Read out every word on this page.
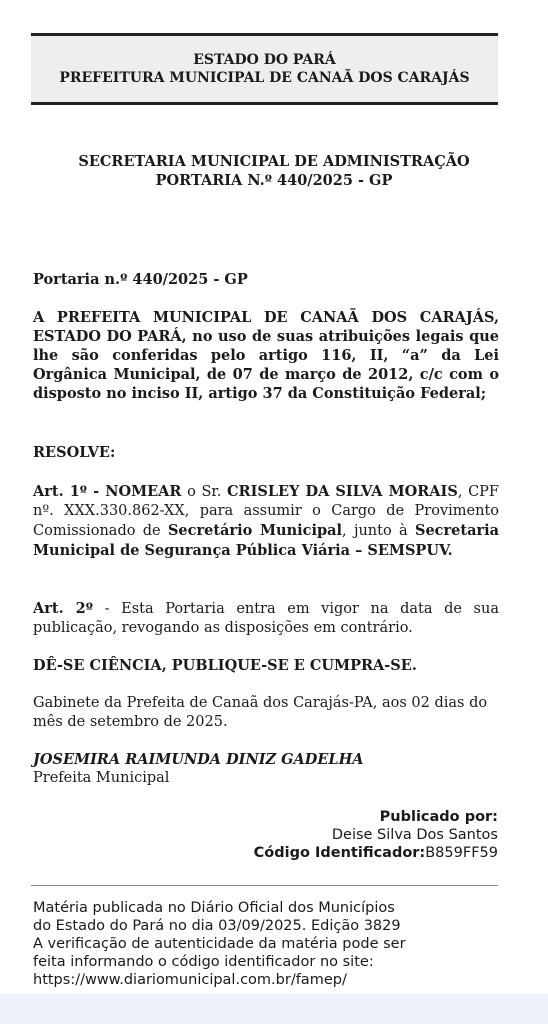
ESTADO DO PARÁ
PREFEITURA MUNICIPAL DE CANAÃ DOS CARAJÁS
SECRETARIA MUNICIPAL DE ADMINISTRAÇÃO
PORTARIA N.º 440/2025 - GP
Portaria n.º 440/2025 - GP
A PREFEITA MUNICIPAL DE CANAÃ DOS CARAJÁS, ESTADO DO PARÁ, no uso de suas atribuições legais que lhe são conferidas pelo artigo 116, II, “a” da Lei Orgânica Municipal, de 07 de março de 2012, c/c com o disposto no inciso II, artigo 37 da Constituição Federal;
RESOLVE:
Art. 1º - NOMEAR o Sr. CRISLEY DA SILVA MORAIS, CPF nº. XXX.330.862-XX, para assumir o Cargo de Provimento Comissionado de Secretário Municipal, junto à Secretaria Municipal de Segurança Pública Viária – SEMSPUV.
Art. 2º - Esta Portaria entra em vigor na data de sua publicação, revogando as disposições em contrário.
DÊ-SE CIÊNCIA, PUBLIQUE-SE E CUMPRA-SE.
Gabinete da Prefeita de Canaã dos Carajás-PA, aos 02 dias do mês de setembro de 2025.
JOSEMIRA RAIMUNDA DINIZ GADELHA
Prefeita Municipal
Publicado por:
Deise Silva Dos Santos
Código Identificador:B859FF59
Matéria publicada no Diário Oficial dos Municípios
do Estado do Pará no dia 03/09/2025. Edição 3829
A verificação de autenticidade da matéria pode ser
feita informando o código identificador no site:
https://www.diariomunicipal.com.br/famep/
